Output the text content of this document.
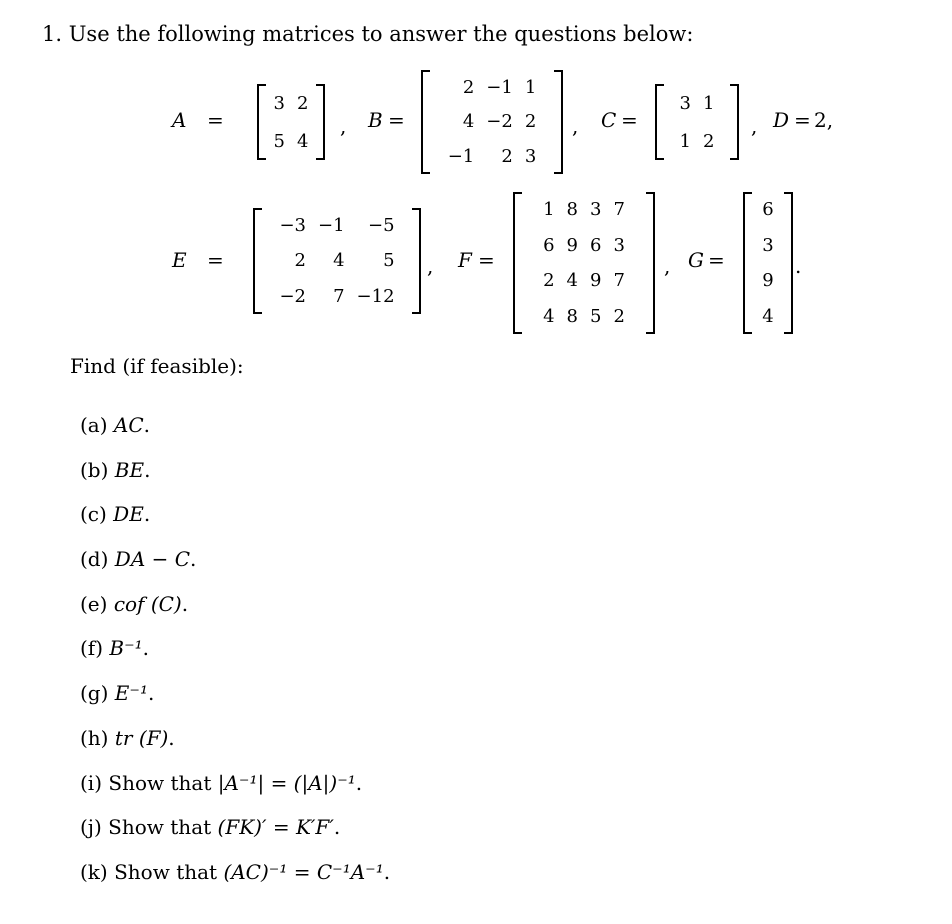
1. Use the following matrices to answer the questions below:
A =
3	2
5	4
, B =
2	−1	1
4	−2	2
−1	2	3
, C =
3	1
1	2
, D = 2,
E =
−3	−1	−5
2	4	5
−2	7	−12
, F =
1	8	3	7
6	9	6	3
2	4	9	7
4	8	5	2
, G =
6
3
9
4
.
Find (if feasible):
(a) AC.
(b) BE.
(c) DE.
(d) DA − C.
(e) cof (C).
(f) B⁻¹.
(g) E⁻¹.
(h) tr (F).
(i) Show that |A⁻¹| = (|A|)⁻¹.
(j) Show that (FK)′ = K′F′.
(k) Show that (AC)⁻¹ = C⁻¹A⁻¹.
